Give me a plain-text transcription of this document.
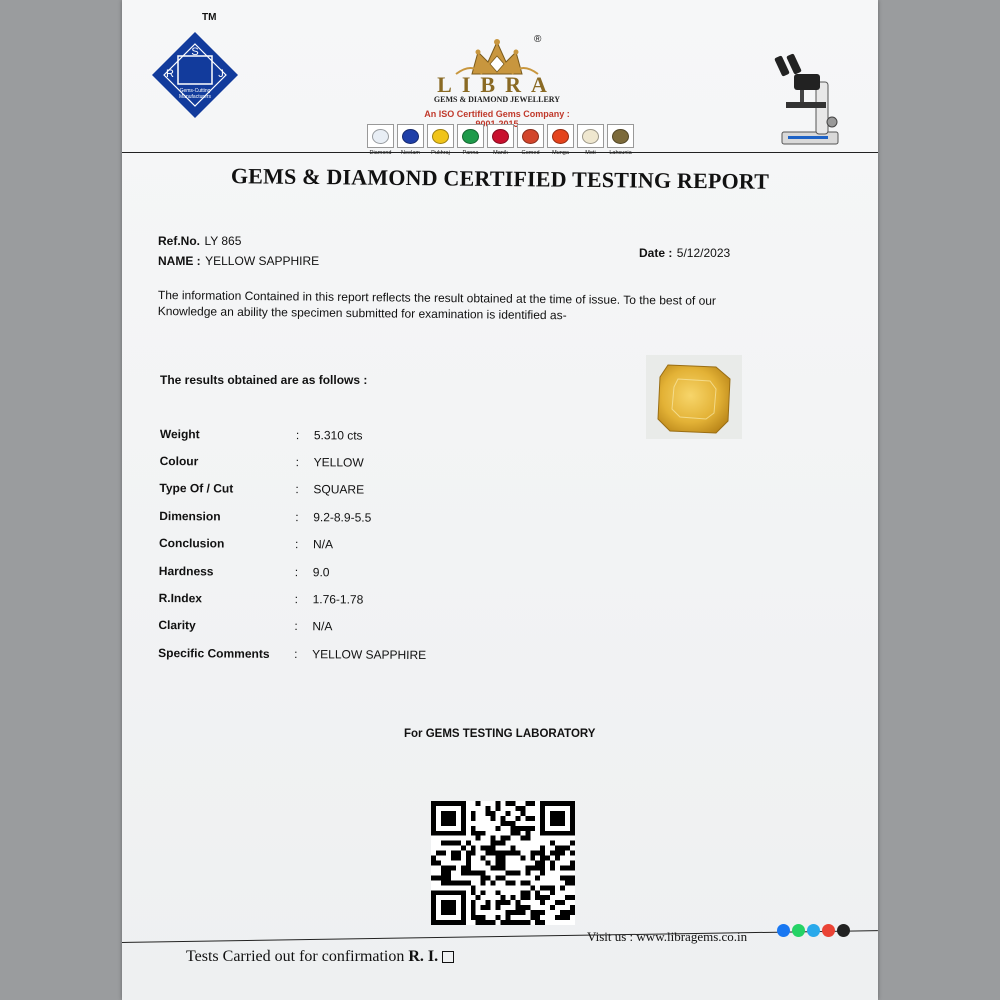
S
R	J
Gems-Cutting
Manufacturers
TM
®
LIBRA
GEMS & DIAMOND JEWELLERY
An ISO Certified Gems Company :
Diamond Neelam Pukhraj Panna	Manik Gomed Munga	Moti Lahsunia
GEMS & DIAMOND CERTIFIED TESTING REPORT
Ref.No. LY 865
NAME : YELLOW SAPPHIRE
Date : 5/12/2023
The information Contained in this report reflects the result obtained at the time of issue. To the best of our Knowledge an ability the specimen submitted for examination is identified as-
The results obtained are as follows :
Weight	:	5.310 cts
Colour	:	YELLOW
Type Of / Cut	:	SQUARE
Dimension	:	9.2-8.9-5.5
Conclusion	:	N/A
Hardness	:	9.0
R.Index	:	1.76-1.78
Clarity	:	N/A
Specific Comments	:	YELLOW SAPPHIRE
For GEMS TESTING LABORATORY
Visit us : www.libragems.co.in
Tests Carried out for confirmation R. I.
